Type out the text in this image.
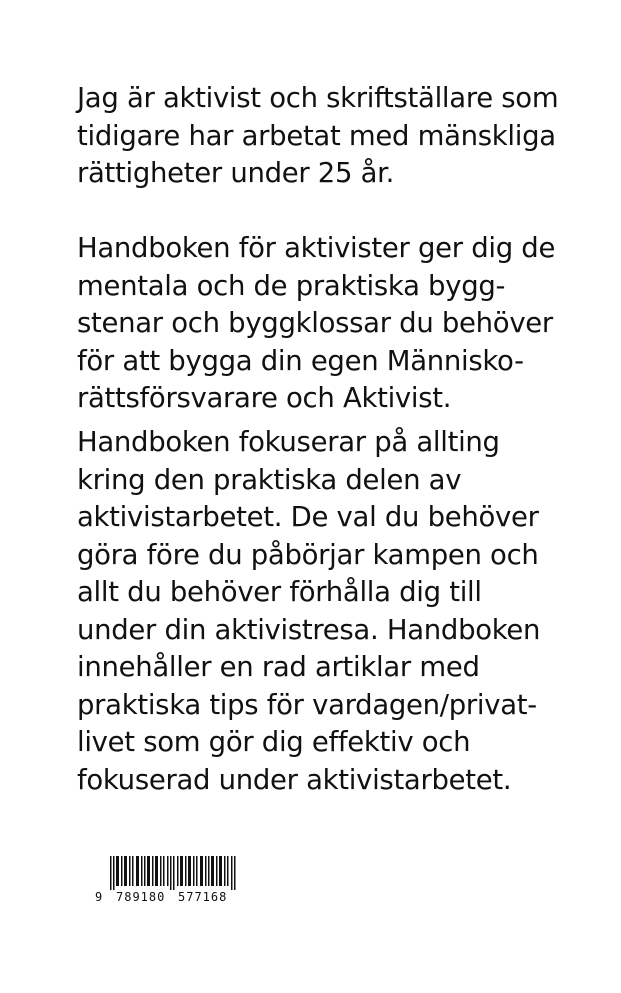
Jag är aktivist och skriftställare som
tidigare har arbetat med mänskliga
rättigheter under 25 år.

Handboken för aktivister ger dig de
mentala och de praktiska bygg-
stenar och byggklossar du behöver
för att bygga din egen Människo-
rättsförsvarare och Aktivist.

Handboken fokuserar på allting
kring den praktiska delen av
aktivistarbetet. De val du behöver
göra före du påbörjar kampen och
allt du behöver förhålla dig till
under din aktivistresa. Handboken
innehåller en rad artiklar med
praktiska tips för vardagen/privat-
livet som gör dig effektiv och
fokuserad under aktivistarbetet.

9 789180 577168
